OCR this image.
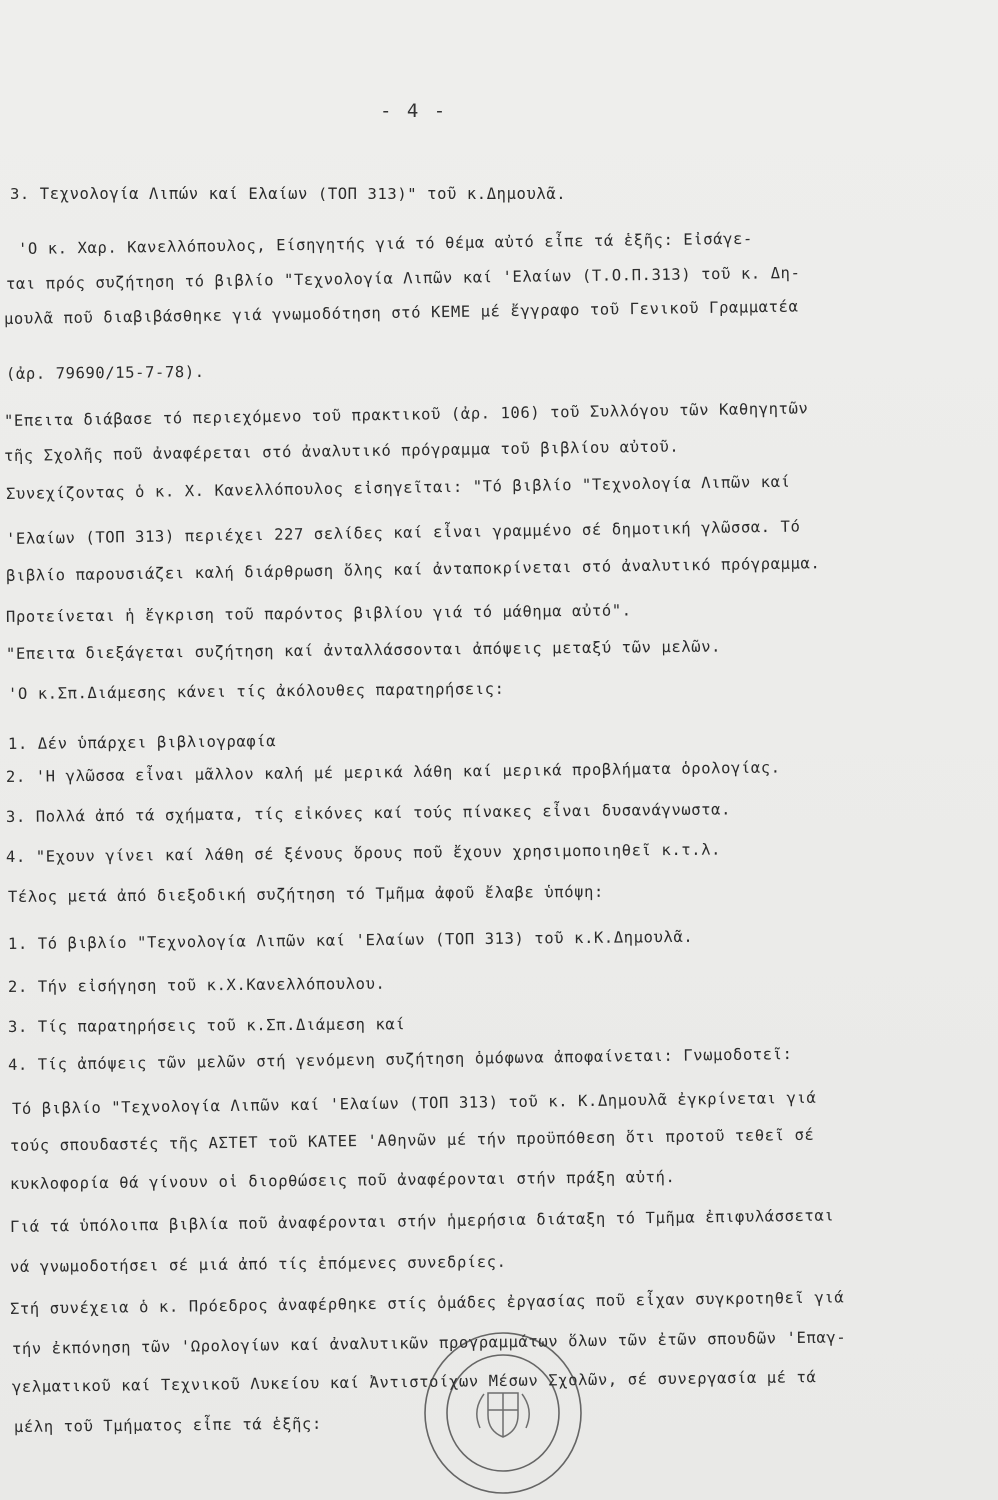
- 4 -
3. Τεχνολογία Λιπών καί Ελαίων (ΤΟΠ 313)" τοῦ κ.Δημουλᾶ.
'Ο κ. Χαρ. Κανελλόπουλος, Είσηγητής γιά τό θέμα αὐτό εἶπε τά ἑξῆς: Εἰσάγε-
ται πρός συζήτηση τό βιβλίο "Τεχνολογία Λιπῶν καί 'Ελαίων (Τ.Ο.Π.313) τοῦ κ. Δη-
μουλᾶ ποῦ διαβιβάσθηκε γιά γνωμοδότηση στό ΚΕΜΕ μέ ἔγγραφο τοῦ Γενικοῦ Γραμματέα
(ἀρ. 79690/15-7-78).
"Επειτα διάβασε τό περιεχόμενο τοῦ πρακτικοῦ (ἀρ. 106) τοῦ Συλλόγου τῶν Καθηγητῶν
τῆς Σχολῆς ποῦ ἀναφέρεται στό ἀναλυτικό πρόγραμμα τοῦ βιβλίου αὐτοῦ.
Συνεχίζοντας ὁ κ. Χ. Κανελλόπουλος εἰσηγεῖται: "Τό βιβλίο "Τεχνολογία Λιπῶν καί
'Ελαίων (ΤΟΠ 313) περιέχει 227 σελίδες καί εἶναι γραμμένο σέ δημοτική γλῶσσα. Τό
βιβλίο παρουσιάζει καλή διάρθρωση ὅλης καί ἀνταποκρίνεται στό ἀναλυτικό πρόγραμμα.
Προτείνεται ἡ ἔγκριση τοῦ παρόντος βιβλίου γιά τό μάθημα αὐτό".
"Επειτα διεξάγεται συζήτηση καί ἀνταλλάσσονται ἀπόψεις μεταξύ τῶν μελῶν.
'Ο κ.Σπ.Διάμεσης κάνει τίς ἀκόλουθες παρατηρήσεις:
1. Δέν ὑπάρχει βιβλιογραφία
2. 'Η γλῶσσα εἶναι μᾶλλον καλή μέ μερικά λάθη καί μερικά προβλήματα ὁρολογίας.
3. Πολλά ἀπό τά σχήματα, τίς εἰκόνες καί τούς πίνακες εἶναι δυσανάγνωστα.
4. "Εχουν γίνει καί λάθη σέ ξένους ὅρους ποῦ ἔχουν χρησιμοποιηθεῖ κ.τ.λ.
Τέλος μετά ἀπό διεξοδική συζήτηση τό Τμῆμα ἀφοῦ ἔλαβε ὑπόψη:
1. Τό βιβλίο "Τεχνολογία Λιπῶν καί 'Ελαίων (ΤΟΠ 313) τοῦ κ.Κ.Δημουλᾶ.
2. Τήν εἰσήγηση τοῦ κ.Χ.Κανελλόπουλου.
3. Τίς παρατηρήσεις τοῦ κ.Σπ.Διάμεση καί
4. Τίς ἀπόψεις τῶν μελῶν στή γενόμενη συζήτηση ὁμόφωνα ἀποφαίνεται: Γνωμοδοτεῖ:
Τό βιβλίο "Τεχνολογία Λιπῶν καί 'Ελαίων (ΤΟΠ 313) τοῦ κ. Κ.Δημουλᾶ ἐγκρίνεται γιά
τούς σπουδαστές τῆς ΑΣΤΕΤ τοῦ ΚΑΤΕΕ 'Αθηνῶν μέ τήν προϋπόθεση ὅτι προτοῦ τεθεῖ σέ
κυκλοφορία θά γίνουν οἱ διορθώσεις ποῦ ἀναφέρονται στήν πράξη αὐτή.
Γιά τά ὑπόλοιπα βιβλία ποῦ ἀναφέρονται στήν ἡμερήσια διάταξη τό Τμῆμα ἐπιφυλάσσεται
νά γνωμοδοτήσει σέ μιά ἀπό τίς ἑπόμενες συνεδρίες.
Στή συνέχεια ὁ κ. Πρόεδρος ἀναφέρθηκε στίς ὁμάδες ἐργασίας ποῦ εἶχαν συγκροτηθεῖ γιά
τήν ἐκπόνηση τῶν 'Ωρολογίων καί ἀναλυτικῶν προγραμμάτων ὅλων τῶν ἐτῶν σπουδῶν 'Επαγ-
γελματικοῦ καί Τεχνικοῦ Λυκείου καί Ἀντιστοίχων Μέσων Σχολῶν, σέ συνεργασία μέ τά
μέλη τοῦ Τμήματος εἶπε τά ἑξῆς:
